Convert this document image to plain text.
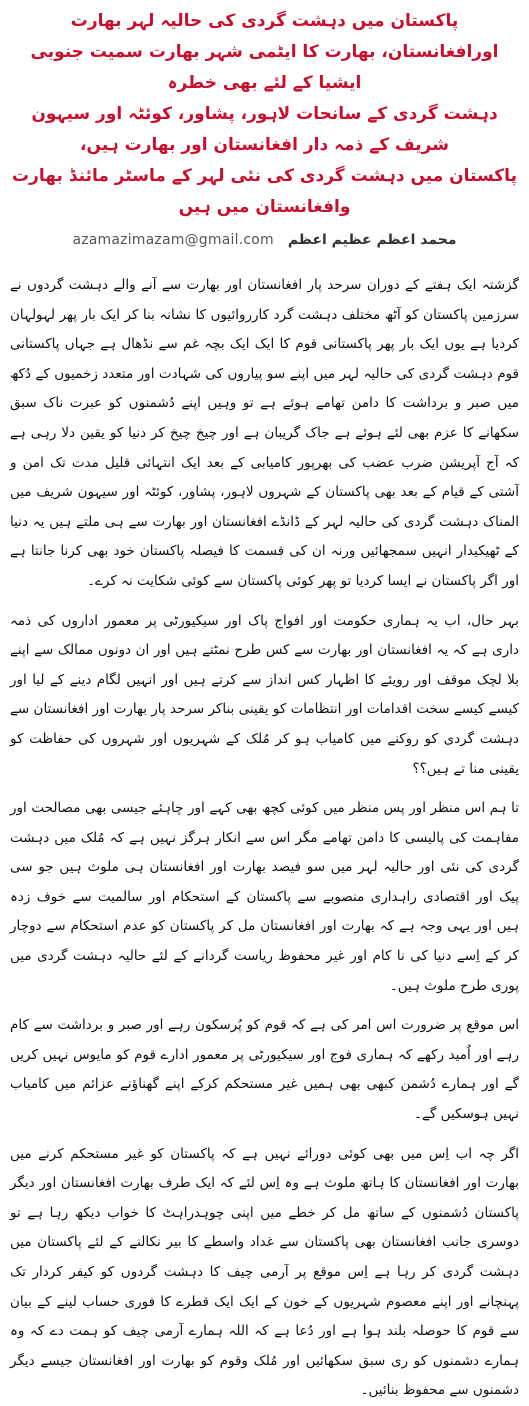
پاکستان میں دہشت گردی کی حالیہ لہر بھارت اورافغانستان، بھارت کا ایٹمی شہر بھارت سمیت جنوبی ایشیا کے لئے بھی خطرہ

دہشت گردی کے سانحات لاہور، پشاور، کوئٹہ اور سیہون شریف کے ذمہ دار افغانستان اور بھارت ہیں،

پاکستان میں دہشت گردی کی نئی لہر کے ماسٹر مائنڈ بھارت وافغانستان میں ہیں

azamazimazam@gmail.com محمد اعظم عظیم اعظم

گزشتہ ایک ہفتے کے دوران سرحد پار افغانستان اور بھارت سے آنے والے دہشت گردوں نے سرزمین پاکستان کو آٹھ مختلف دہشت گرد کارروائیوں کا نشانہ بنا کر ایک بار پھر لہولہان کردیا ہے یوں ایک بار پھر پاکستانی قوم کا ایک ایک بچہ غم سے نڈھال ہے جہاں پاکستانی قوم دہشت گردی کی حالیہ لہر میں اپنے سو پیاروں کی شہادت اور متعدد زخمیوں کے دُکھ میں صبر و برداشت کا دامن تھامے ہوئے ہے تو وہیں اپنے دُشمنوں کو عبرت ناک سبق سکھانے کا عزم بھی لئے ہوئے ہے جاک گریبان ہے اور چیخ چیخ کر دنیا کو یقین دلا رہی ہے کہ آج آپریشن ضرب عضب کی بھرپور کامیابی کے بعد ایک انتہائی قلیل مدت تک امن و آشتی کے قیام کے بعد بھی پاکستان کے شہروں لاہور، پشاور، کوئٹہ اور سیہون شریف میں المناک دہشت گردی کی حالیہ لہر کے ڈانڈے افغانستان اور بھارت سے ہی ملتے ہیں یہ دنیا کے ٹھیکیدار انہیں سمجھائیں ورنہ ان کی قسمت کا فیصلہ پاکستان خود بھی کرنا جانتا ہے اور اگر پاکستان نے ایسا کردیا تو پھر کوئی پاکستان سے کوئی شکایت نہ کرے۔

بہر حال، اب یہ ہماری حکومت اور افواج پاک اور سیکیورٹی پر معمور اداروں کی ذمہ داری ہے کہ یہ افغانستان اور بھارت سے کس طرح نمٹتے ہیں اور ان دونوں ممالک سے اپنے بلا لچک موقف اور رویئے کا اظہار کس انداز سے کرتے ہیں اور انہیں لگام دینے کے لیا اور کیسے کیسے سخت اقدامات اور انتظامات کو یقینی بناکر سرحد پار بھارت اور افغانستان سے دہشت گردی کو روکنے میں کامیاب ہو کر مُلک کے شہریوں اور شہروں کی حفاظت کو یقینی منا تے ہیں؟؟

تا ہم اس منظر اور پس منظر میں کوئی کچھ بھی کہے اور چاہئے جیسی بھی مصالحت اور مفاہمت کی پالیسی کا دامن تھامے مگر اس سے انکار ہرگز نہیں ہے کہ مُلک میں دہشت گردی کی نئی اور حالیہ لہر میں سو فیصد بھارت اور افغانستان ہی ملوث ہیں جو سی پیک اور اقتصادی راہداری منصوبے سے پاکستان کے استحکام اور سالمیت سے خوف زدہ ہیں اور یہی وجہ ہے کہ بھارت اور افغانستان مل کر پاکستان کو عدم استحکام سے دوچار کر کے اِسے دنیا کی نا کام اور غیر محفوظ ریاست گردانے کے لئے حالیہ دہشت گردی میں پوری طرح ملوث ہیں۔

اس موقع پر ضرورت اس امر کی ہے کہ قوم کو پُرسکون رہے اور صبر و برداشت سے کام رہے اور اُمید رکھے کہ ہماری فوج اور سیکیورٹی پر معمور ادارے قوم کو مایوس نہیں کریں گے اور ہمارے دُشمن کبھی بھی ہمیں غیر مستحکم کرکے اپنے گھناؤنے عزائم میں کامیاب نہیں ہوسکیں گے۔

اگر چہ اب اِس میں بھی کوئی دورائے نہیں ہے کہ پاکستان کو غیر مستحکم کرنے میں بھارت اور افغانستان کا ہاتھ ملوث ہے وہ اِس لئے کہ ایک طرف بھارت افغانستان اور دیگر پاکستان دُشمنوں کے ساتھ مل کر خطے میں اپنی چوہدراہٹ کا خواب دیکھ رہا ہے تو دوسری جانب افغانستان بھی پاکستان سے غداد واسطے کا بیر نکالنے کے لئے پاکستان میں دہشت گردی کر رہا ہے اِس موقع پر آرمی چیف کا دہشت گردوں کو کیفر کردار تک پہنچانے اور اپنے معصوم شہریوں کے خون کے ایک ایک قطرے کا فوری حساب لینے کے بیان سے قوم کا حوصلہ بلند ہوا ہے اور دُعا ہے کہ اللہ ہمارے آرمی چیف کو ہمت دے کہ وہ ہمارے دشمنوں کو ری سبق سکھائیں اور مُلک وقوم کو بھارت اور افغانستان جیسے دیگر دشمنوں سے محفوظ بنائیں۔
